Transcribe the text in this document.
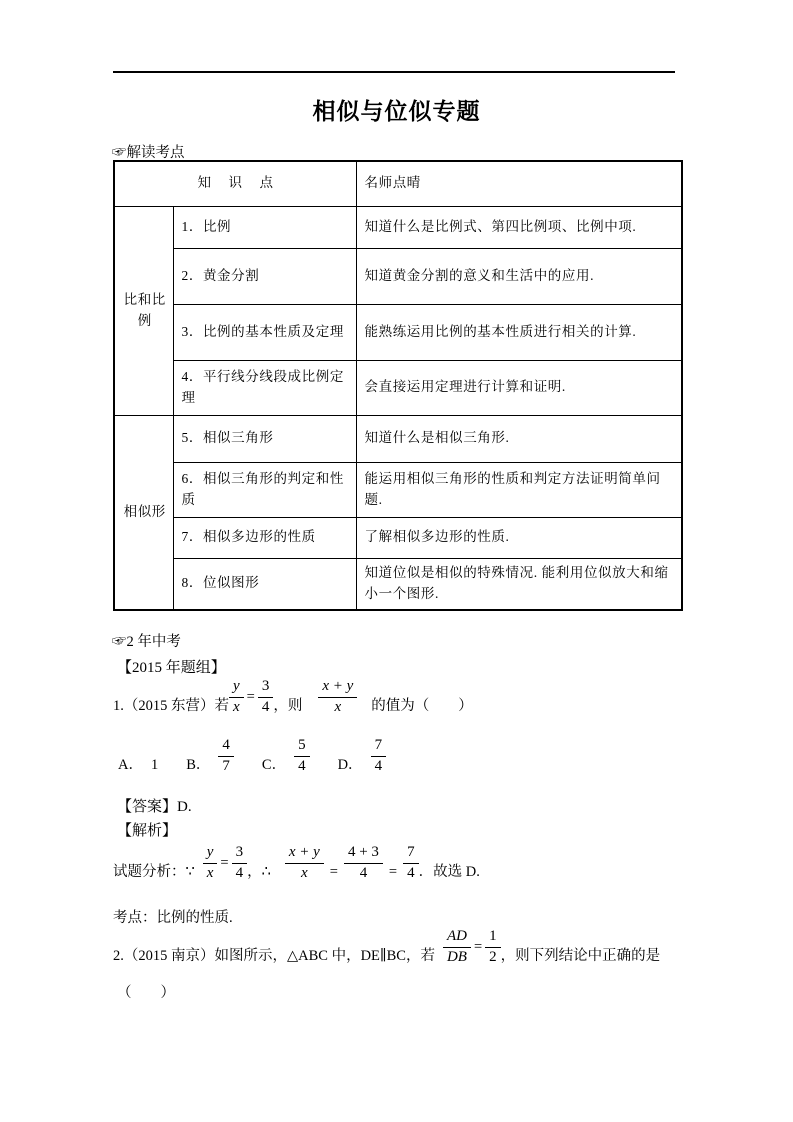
相似与位似专题
☞解读考点
知　识　点		名师点晴
比和比例	1．比例	知道什么是比例式、第四比例项、比例中项.
	2．黄金分割	知道黄金分割的意义和生活中的应用.
	3．比例的基本性质及定理	能熟练运用比例的基本性质进行相关的计算.
	4．平行线分线段成比例定理	会直接运用定理进行计算和证明.
相似形	5．相似三角形	知道什么是相似三角形.
	6．相似三角形的判定和性质	能运用相似三角形的性质和判定方法证明简单问题.
	7．相似多边形的性质	了解相似多边形的性质.
	8．位似图形	知道位似是相似的特殊情况. 能利用位似放大和缩小一个图形.
☞2 年中考
【2015 年题组】
1.（2015 东营）若 $\frac{y}{x} = \frac{3}{4}$ ，则 $\frac{x + y}{x}$ 的值为（　　）
A． 1 B． $\frac{4}{7}$ C． $\frac{5}{4}$ D． $\frac{7}{4}$
【答案】D.
【解析】
试题分析： ∵ $\frac{y}{x} = \frac{3}{4}$ ， ∴ $\frac{x + y}{x} = \frac{4 + 3}{4} = \frac{7}{4}$ ．故选 D.
考点：比例的性质.
2.（2015 南京）如图所示，△ABC 中，DE∥BC，若 $\frac{AD}{DB} = \frac{1}{2}$ ，则下列结论中正确的是
（　　）
